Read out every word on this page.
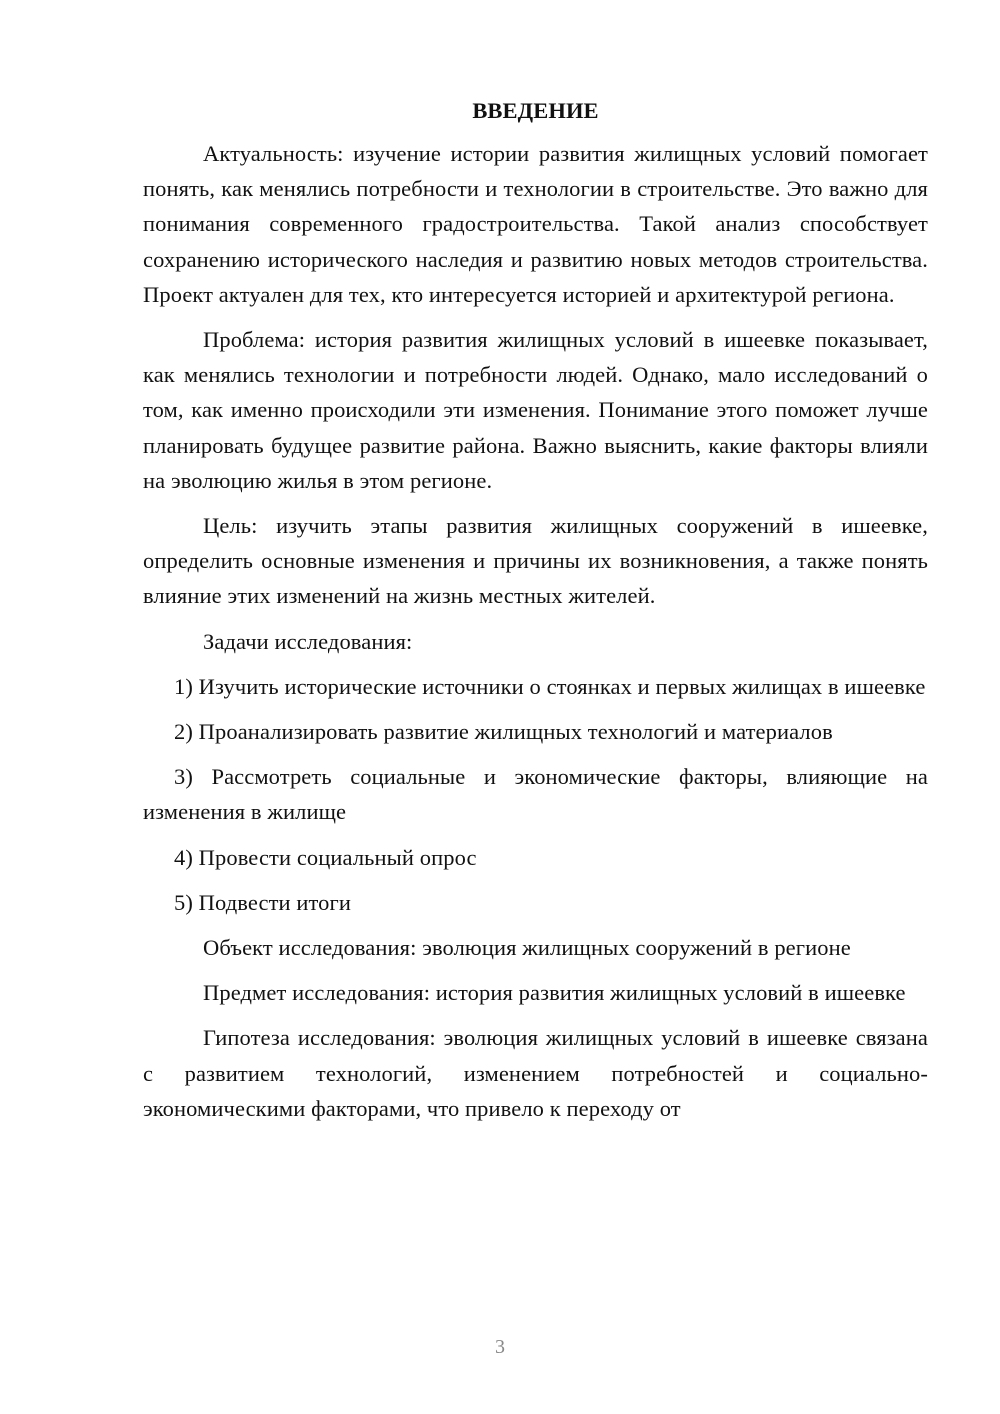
ВВЕДЕНИЕ

Актуальность: изучение истории развития жилищных условий помогает понять, как менялись потребности и технологии в строительстве. Это важно для понимания современного градостроительства. Такой анализ способствует сохранению исторического наследия и развитию новых методов строительства. Проект актуален для тех, кто интересуется историей и архитектурой региона.

Проблема: история развития жилищных условий в ишеевке показывает, как менялись технологии и потребности людей. Однако, мало исследований о том, как именно происходили эти изменения. Понимание этого поможет лучше планировать будущее развитие района. Важно выяснить, какие факторы влияли на эволюцию жилья в этом регионе.

Цель: изучить этапы развития жилищных сооружений в ишеевке, определить основные изменения и причины их возникновения, а также понять влияние этих изменений на жизнь местных жителей.

Задачи исследования:

1) Изучить исторические источники о стоянках и первых жилищах в ишеевке

2) Проанализировать развитие жилищных технологий и материалов

3) Рассмотреть социальные и экономические факторы, влияющие на изменения в жилище

4) Провести социальный опрос

5) Подвести итоги

Объект исследования: эволюция жилищных сооружений в регионе

Предмет исследования: история развития жилищных условий в ишеевке

Гипотеза исследования: эволюция жилищных условий в ишеевке связана с развитием технологий, изменением потребностей и социально-экономическими факторами, что привело к переходу от

3
